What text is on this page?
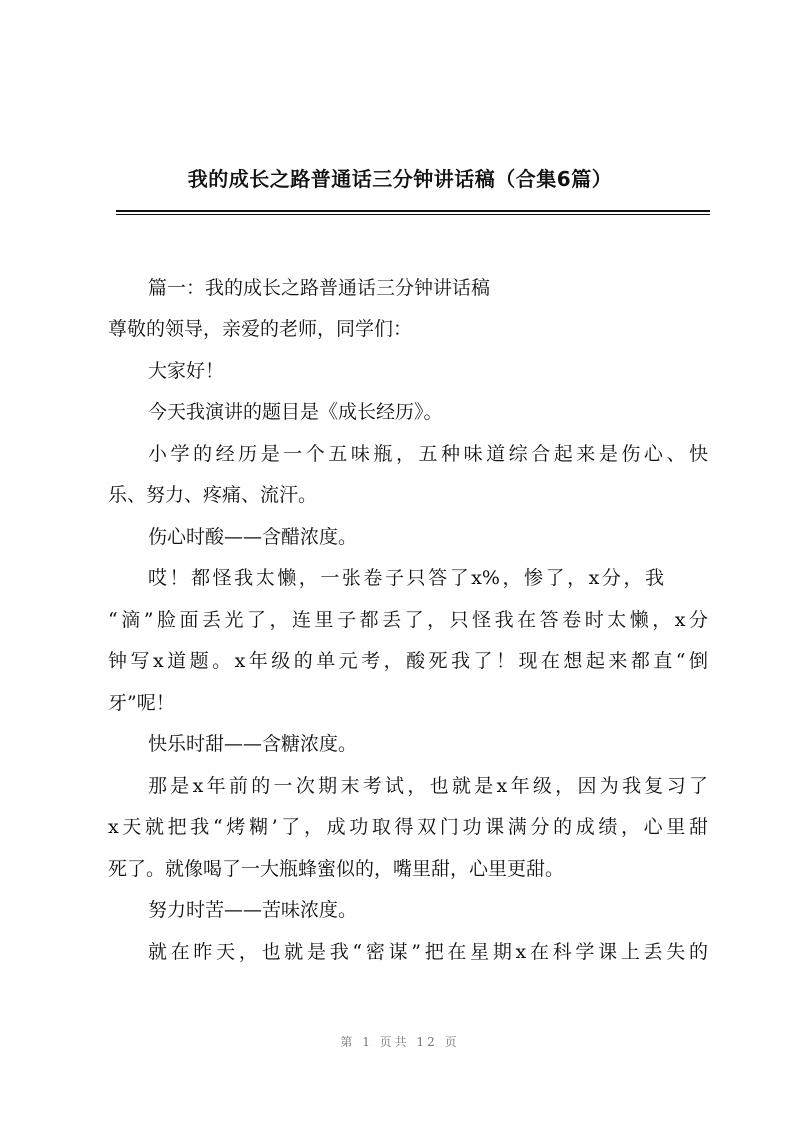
我的成长之路普通话三分钟讲话稿（合集6篇）
篇一：我的成长之路普通话三分钟讲话稿
尊敬的领导，亲爱的老师，同学们：
大家好！
今天我演讲的题目是《成长经历》。
小学的经历是一个五味瓶，五种味道综合起来是伤心、快
乐、努力、疼痛、流汗。
伤心时酸——含醋浓度。
哎！都怪我太懒，一张卷子只答了x%，惨了，x分，我
“滴”脸面丢光了，连里子都丢了，只怪我在答卷时太懒，x分
钟写x道题。x年级的单元考，酸死我了！现在想起来都直“倒
牙”呢！
快乐时甜——含糖浓度。
那是x年前的一次期末考试，也就是x年级，因为我复习了
x天就把我“烤糊’了，成功取得双门功课满分的成绩，心里甜
死了。就像喝了一大瓶蜂蜜似的，嘴里甜，心里更甜。
努力时苦——苦味浓度。
就在昨天，也就是我“密谋”把在星期x在科学课上丢失的
第 1 页共 12 页
